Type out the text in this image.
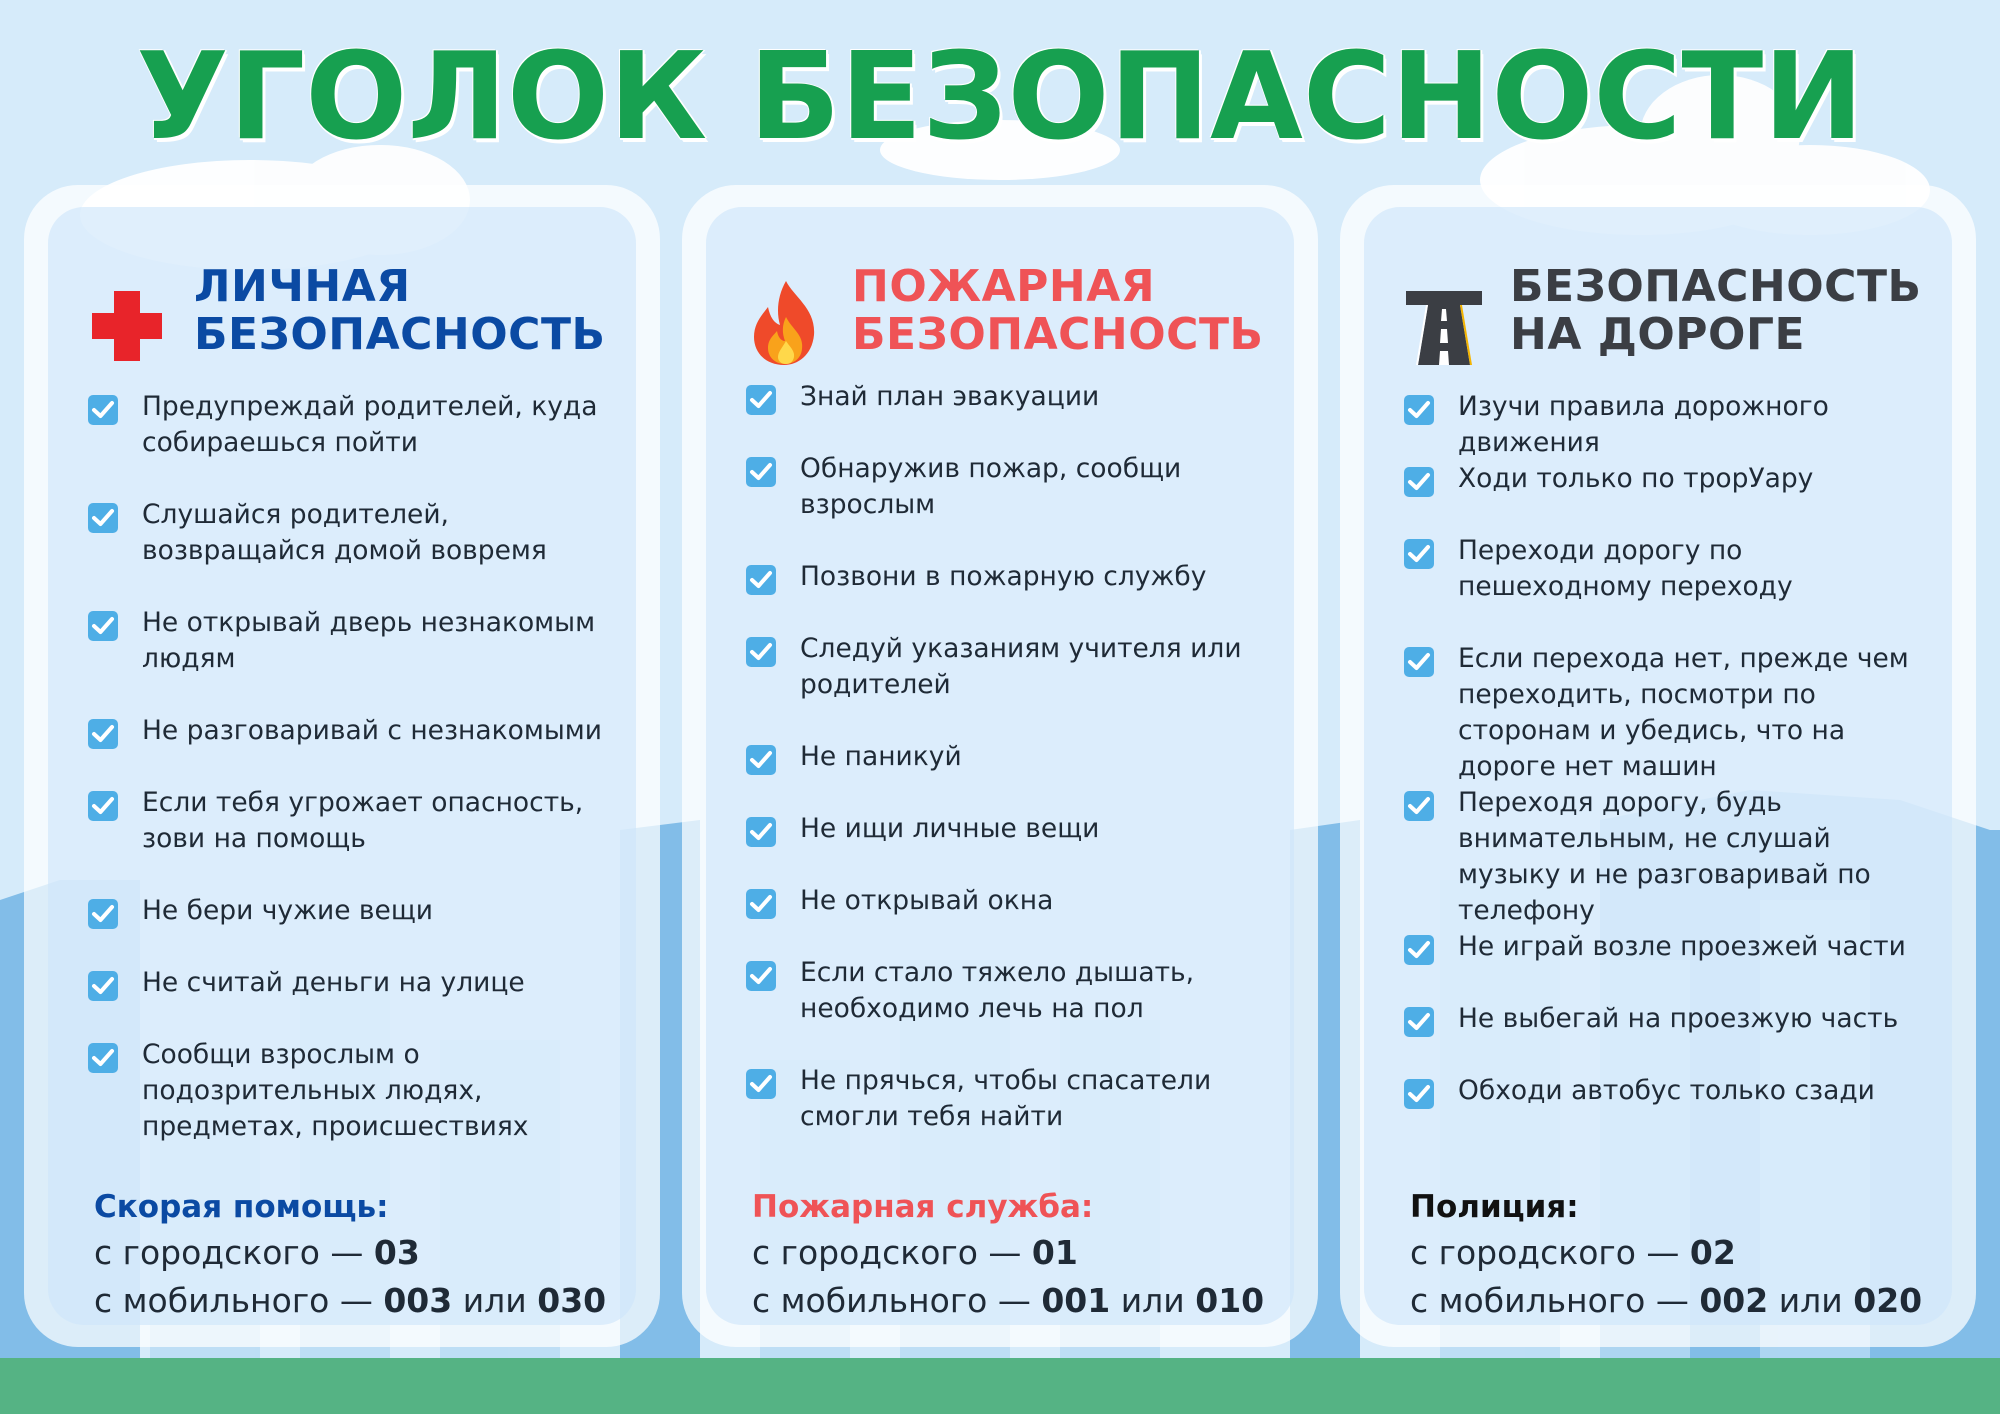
УГОЛОК БЕЗОПАСНОСТИ
ЛИЧНАЯ
БЕЗОПАСНОСТЬ
Предупреждай родителей, куда собираешься пойти
Слушайся родителей, возвращайся домой вовремя
Не открывай дверь незнакомым людям
Не разговаривай с незнакомыми
Если тебя угрожает опасность, зови на помощь
Не бери чужие вещи
Не считай деньги на улице
Сообщи взрослым о подозрительных людях, предметах, происшествиях
Скорая помощь:
с городского — 03
с мобильного — 003 или 030
ПОЖАРНАЯ
БЕЗОПАСНОСТЬ
Знай план эвакуации
Обнаружив пожар, сообщи взрослым
Позвони в пожарную службу
Следуй указаниям учителя или родителей
Не паникуй
Не ищи личные вещи
Не открывай окна
Если стало тяжело дышать, необходимо лечь на пол
Не прячься, чтобы спасатели смогли тебя найти
Пожарная служба:
с городского — 01
с мобильного — 001 или 010
БЕЗОПАСНОСТЬ
НА ДОРОГЕ
Изучи правила дорожного движения
Ходи только по трорУару
Переходи дорогу по пешеходному переходу
Если перехода нет, прежде чем переходить, посмотри по сторонам и убедись, что на дороге нет машин
Переходя дорогу, будь внимательным, не слушай музыку и не разговаривай по телефону
Не играй возле проезжей части
Не выбегай на проезжую часть
Обходи автобус только сзади
Полиция:
с городского — 02
с мобильного — 002 или 020
